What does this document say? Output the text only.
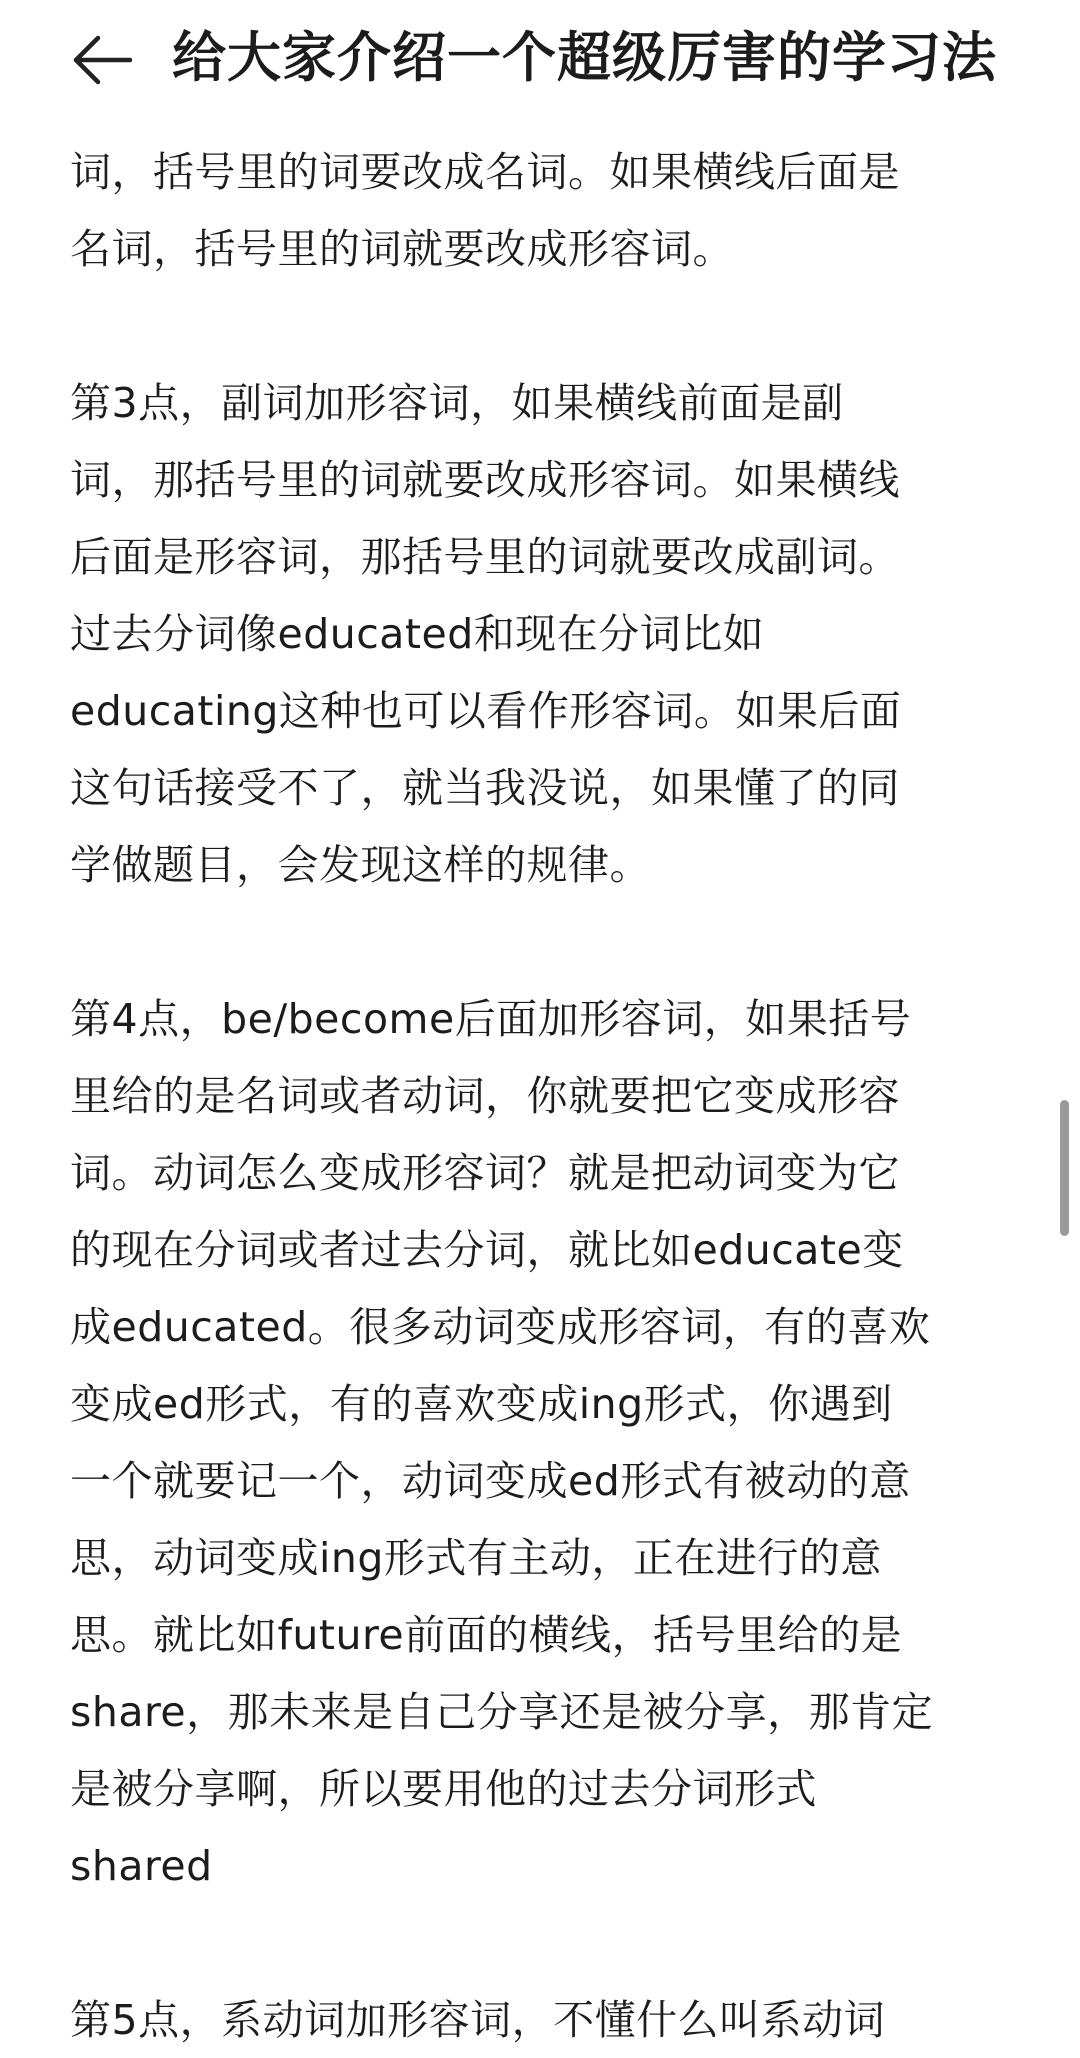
给大家介绍一个超级厉害的学习法

词，括号里的词要改成名词。如果横线后面是
名词，括号里的词就要改成形容词。

第3点，副词加形容词，如果横线前面是副
词，那括号里的词就要改成形容词。如果横线
后面是形容词，那括号里的词就要改成副词。
过去分词像educated和现在分词比如
educating这种也可以看作形容词。如果后面
这句话接受不了，就当我没说，如果懂了的同
学做题目，会发现这样的规律。

第4点，be/become后面加形容词，如果括号
里给的是名词或者动词，你就要把它变成形容
词。动词怎么变成形容词？就是把动词变为它
的现在分词或者过去分词，就比如educate变
成educated。很多动词变成形容词，有的喜欢
变成ed形式，有的喜欢变成ing形式，你遇到
一个就要记一个，动词变成ed形式有被动的意
思，动词变成ing形式有主动，正在进行的意
思。就比如future前面的横线，括号里给的是
share，那未来是自己分享还是被分享，那肯定
是被分享啊，所以要用他的过去分词形式
shared

第5点，系动词加形容词，不懂什么叫系动词
